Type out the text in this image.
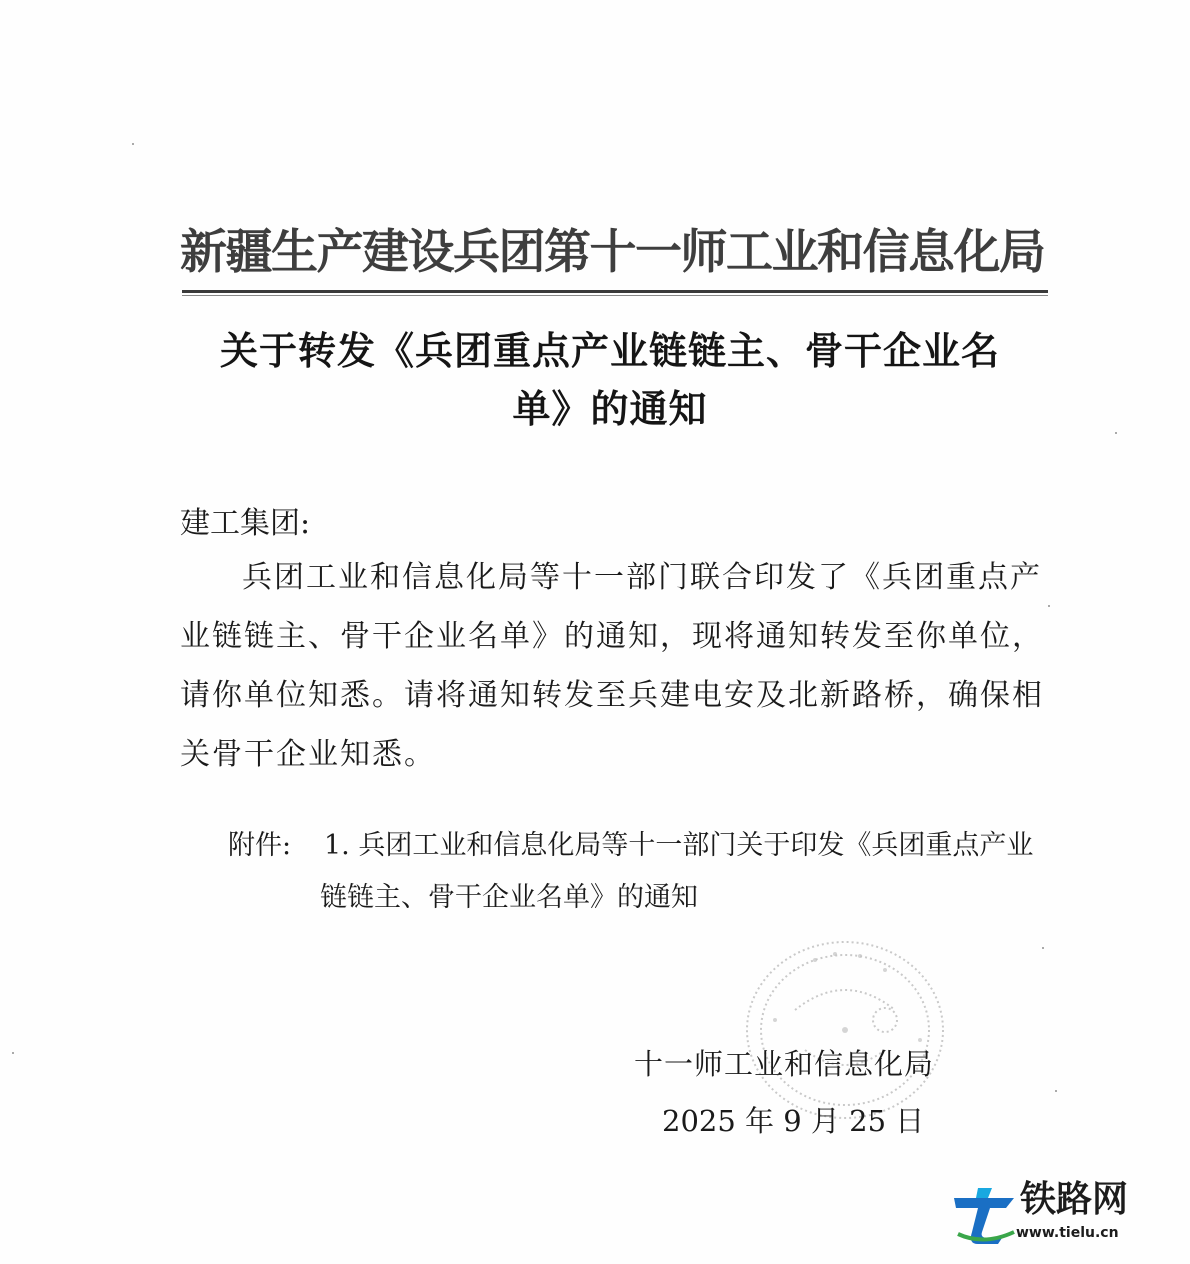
新疆生产建设兵团第十一师工业和信息化局
关于转发《兵团重点产业链链主、骨干企业名
单》的通知
建工集团:
兵团工业和信息化局等十一部门联合印发了《兵团重点产
业链链主、骨干企业名单》的通知，现将通知转发至你单位，
请你单位知悉。请将通知转发至兵建电安及北新路桥，确保相
关骨干企业知悉。
附件: 1. 兵团工业和信息化局等十一部门关于印发《兵团重点产业
链链主、骨干企业名单》的通知
十一师工业和信息化局
2025 年 9 月 25 日
铁路网
www.tielu.cn
